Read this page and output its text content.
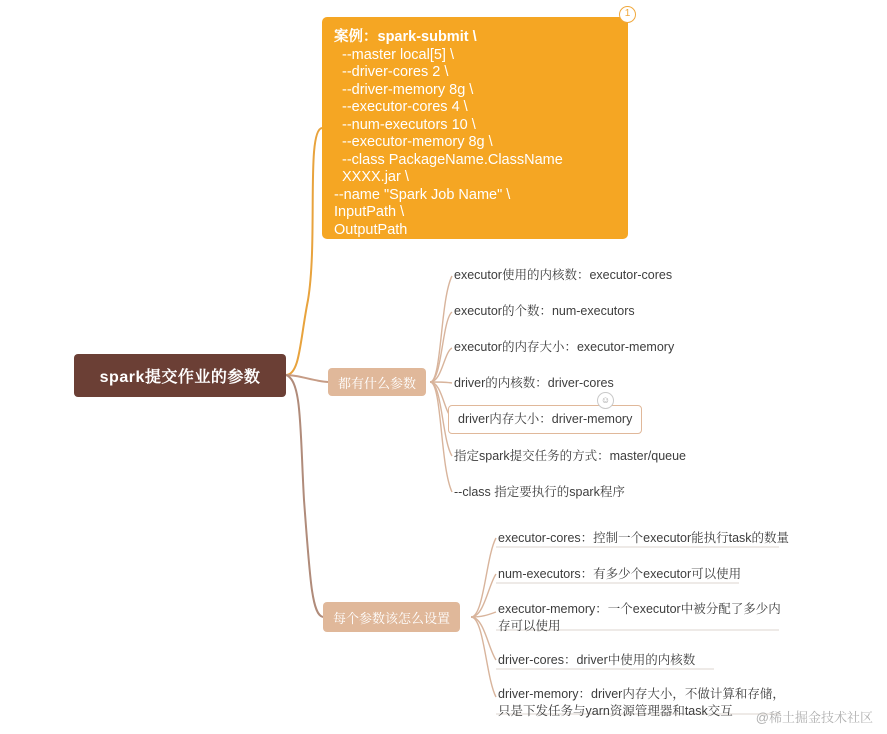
spark提交作业的参数
案例：spark-submit \
--master local[5] \
--driver-cores 2 \
--driver-memory 8g \
--executor-cores 4 \
--num-executors 10 \
--executor-memory 8g \
--class PackageName.ClassName XXXX.jar \
--name "Spark Job Name" \
InputPath \
OutputPath
1
都有什么参数
executor使用的内核数：executor-cores
executor的个数：num-executors
executor的内存大小：executor-memory
driver的内核数：driver-cores
driver内存大小：driver-memory
☺
指定spark提交任务的方式：master/queue
--class 指定要执行的spark程序
每个参数该怎么设置
executor-cores：控制一个executor能执行task的数量
num-executors：有多少个executor可以使用
executor-memory：一个executor中被分配了多少内存可以使用
driver-cores：driver中使用的内核数
driver-memory：driver内存大小，不做计算和存储，只是下发任务与yarn资源管理器和task交互	@稀土掘金技术社区
